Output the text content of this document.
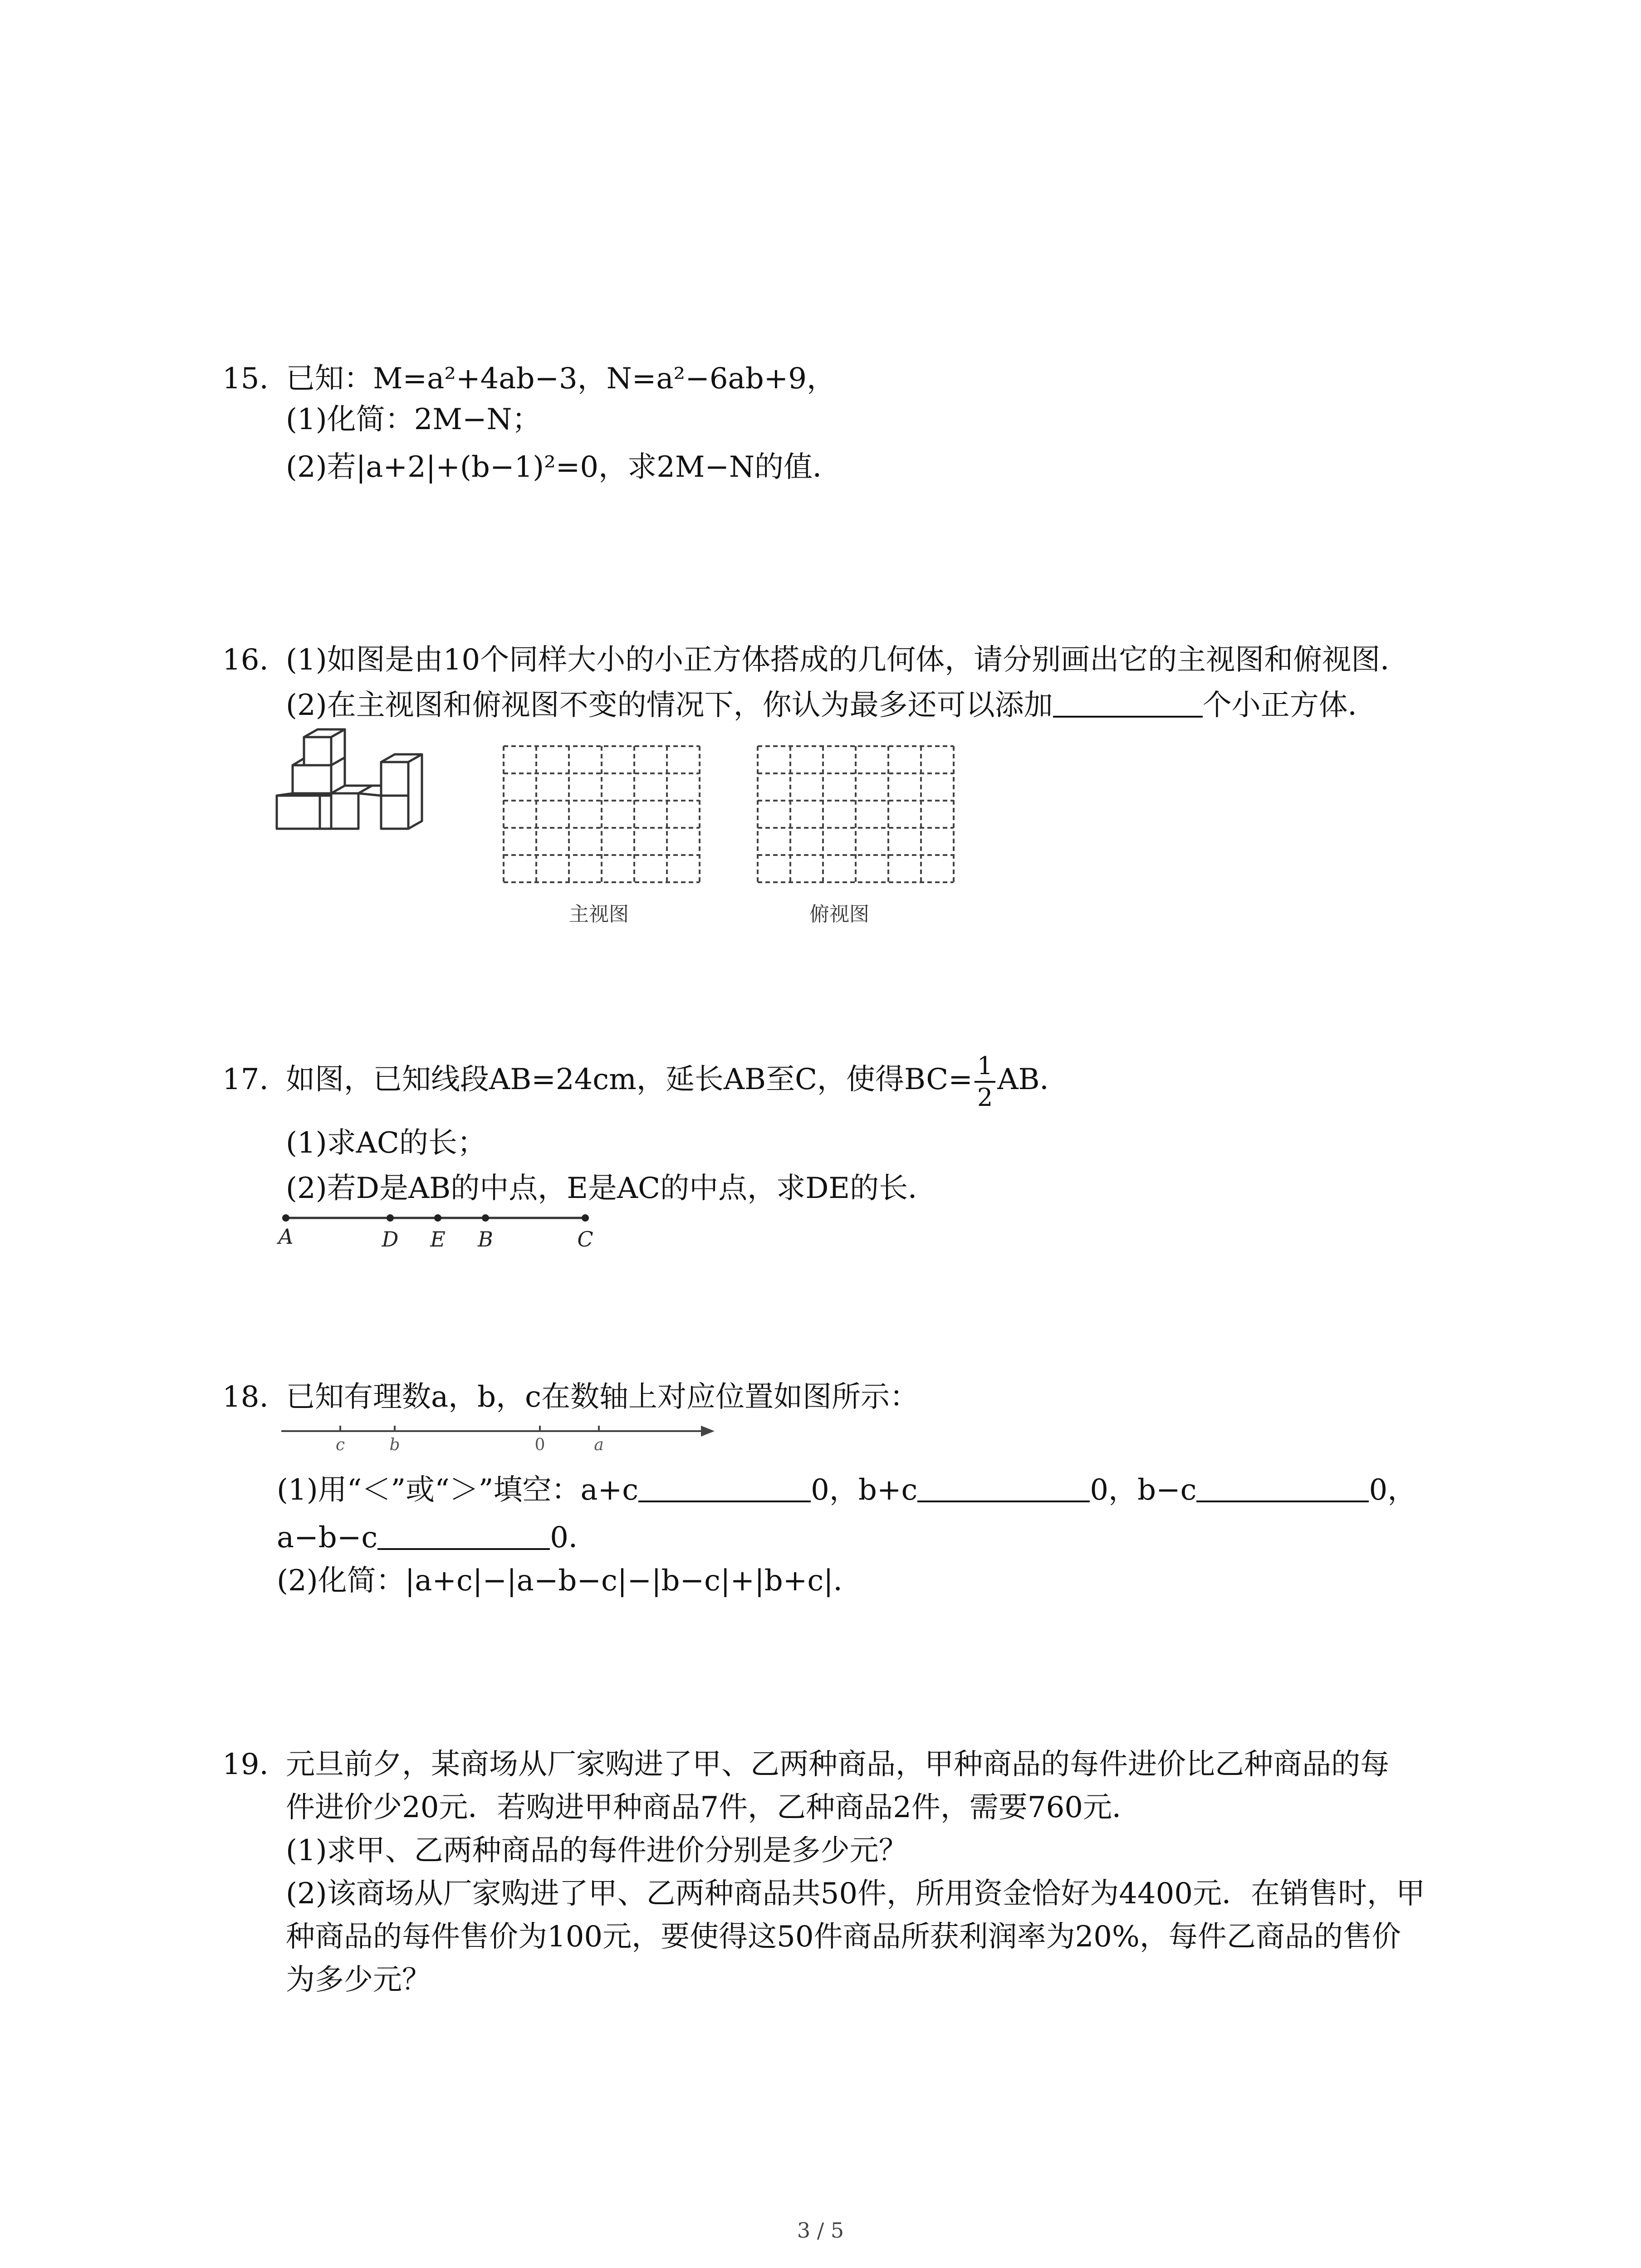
15. 已知：M=a²+4ab−3，N=a²−6ab+9，
(1)化简：2M−N；
(2)若|a+2|+(b−1)²=0，求2M−N的值．
16. (1)如图是由10个同样大小的小正方体搭成的几何体，请分别画出它的主视图和俯视图．
(2)在主视图和俯视图不变的情况下，你认为最多还可以添加	个小正方体．
主视图	俯视图
17. 如图，已知线段AB=24cm，延长AB至C，使得$BC= \frac{1}{2}$ AB．
(1)求AC的长；
(2)若D是AB的中点，E是AC的中点，求DE的长．
A	D E B	C
18. 已知有理数a，b，c在数轴上对应位置如图所示：
c	b	0	a
(1)用“＜”或“＞”填空：a+c	0，b+c	0，b−c	0，
a−b−c	0．
(2)化简：|a+c|−|a−b−c|−|b−c|+|b+c|．
19. 元旦前夕，某商场从厂家购进了甲、乙两种商品，甲种商品的每件进价比乙种商品的每
件进价少20元．若购进甲种商品7件，乙种商品2件，需要760元．
(1)求甲、乙两种商品的每件进价分别是多少元？
(2)该商场从厂家购进了甲、乙两种商品共50件，所用资金恰好为4400元．在销售时，甲
种商品的每件售价为100元，要使得这50件商品所获利润率为20%，每件乙商品的售价
为多少元？
3 / 5
